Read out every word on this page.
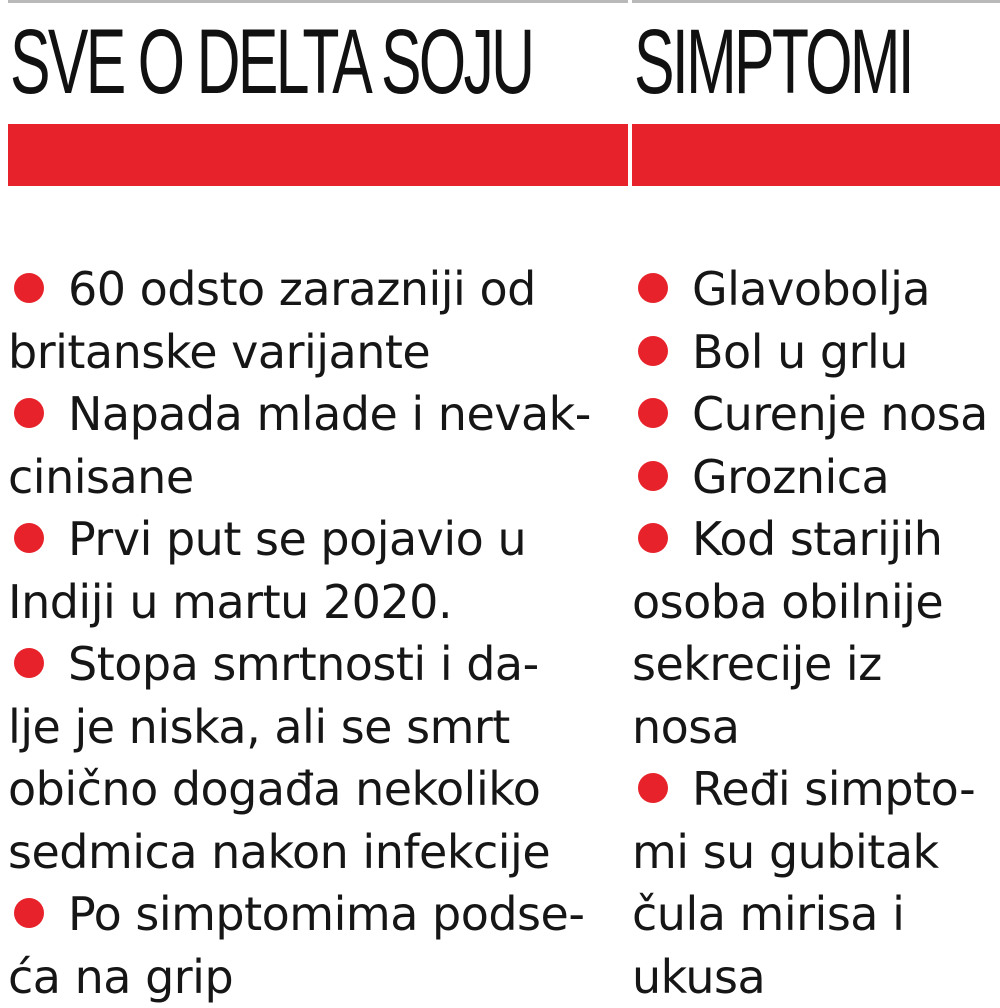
SVE O DELTA SOJU
60 odsto zarazniji od
britanske varijante
Napada mlade i nevak-
cinisane
Prvi put se pojavio u
Indiji u martu 2020.
Stopa smrtnosti i da-
lje je niska, ali se smrt
obično događa nekoliko
sedmica nakon infekcije
Po simptomima podse-
ća na grip
SIMPTOMI
Glavobolja
Bol u grlu
Curenje nosa
Groznica
Kod starijih
osoba obilnije
sekrecije iz
nosa
Ređi simpto-
mi su gubitak
čula mirisa i
ukusa
